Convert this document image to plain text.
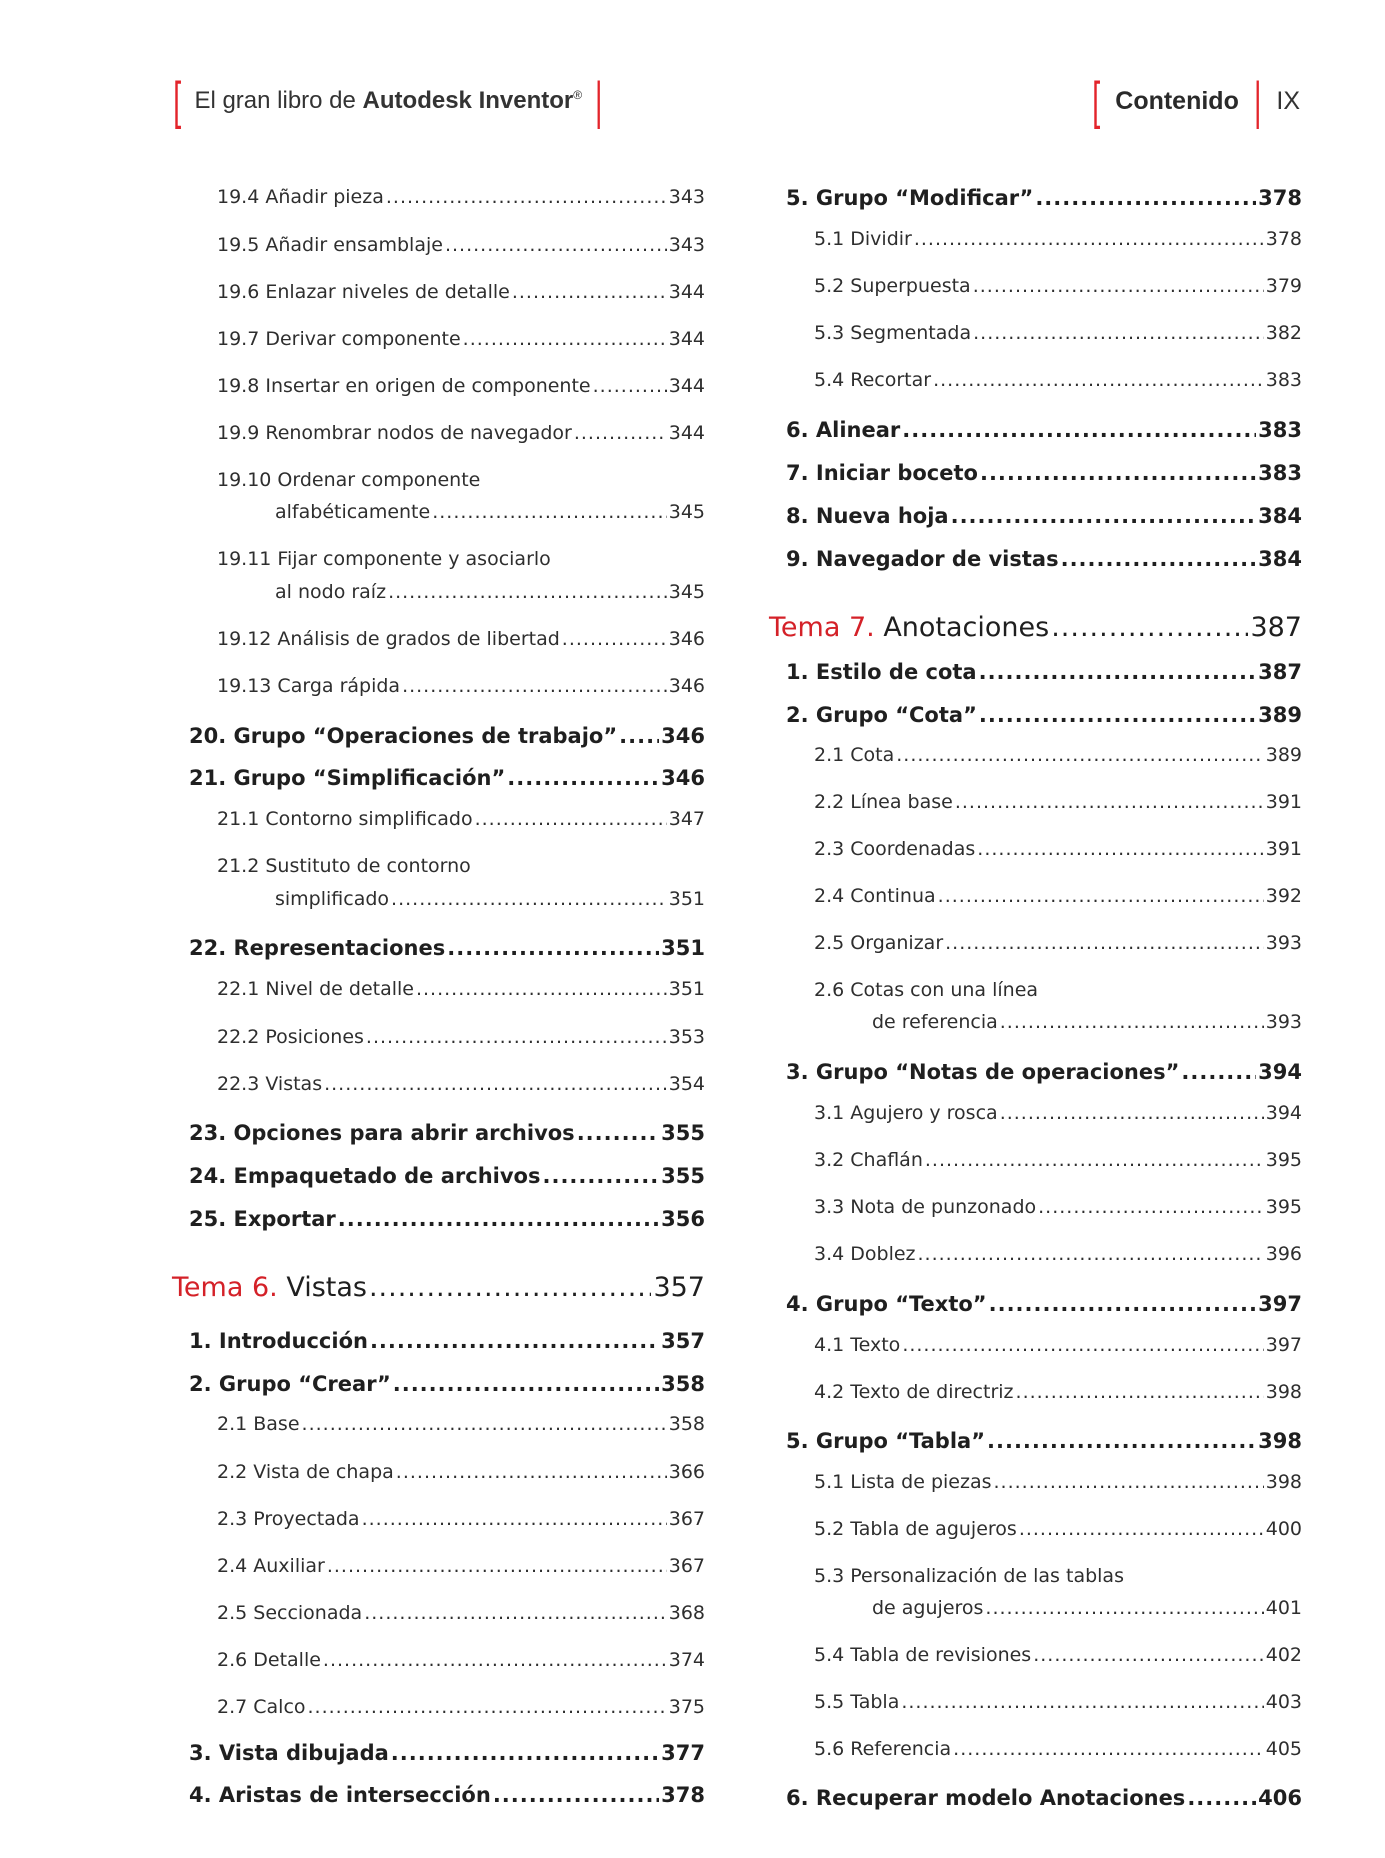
[ El gran libro de Autodesk Inventor® |	[ Contenido | IX
19.4 Añadir pieza .....	343
19.5 Añadir ensamblaje .....	343
19.6 Enlazar niveles de detalle .....	344
19.7 Derivar componente .....	344
19.8 Insertar en origen de componente .....	344
19.9 Renombrar nodos de navegador .....	344
19.10 Ordenar componente
alfabéticamente .....	345
19.11 Fijar componente y asociarlo
al nodo raíz .....	345
19.12 Análisis de grados de libertad .....	346
19.13 Carga rápida .....	346
20. Grupo “Operaciones de trabajo” ..... 346
21. Grupo “Simplificación” .....	346
21.1 Contorno simplificado .....	347
21.2 Sustituto de contorno
simplificado .....	351
22. Representaciones .....	351
22.1 Nivel de detalle .....	351
22.2 Posiciones .....	353
22.3 Vistas .....	354
23. Opciones para abrir archivos .....	355
24. Empaquetado de archivos .....	355
25. Exportar .....	356
Tema 6. Vistas .....	357
1. Introducción .....	357
2. Grupo “Crear” .....	358
2.1 Base .....	358
2.2 Vista de chapa .....	366
2.3 Proyectada .....	367
2.4 Auxiliar .....	367
2.5 Seccionada .....	368
2.6 Detalle .....	374
2.7 Calco .....	375
3. Vista dibujada .....	377
4. Aristas de intersección .....	378
5. Grupo “Modificar” .....	378
5.1 Dividir .....	378
5.2 Superpuesta .....	379
5.3 Segmentada .....	382
5.4 Recortar .....	383
6. Alinear .....	383
7. Iniciar boceto .....	383
8. Nueva hoja .....	384
9. Navegador de vistas .....	384
Tema 7. Anotaciones .....	387
1. Estilo de cota .....	387
2. Grupo “Cota” .....	389
2.1 Cota .....	389
2.2 Línea base .....	391
2.3 Coordenadas .....	391
2.4 Continua .....	392
2.5 Organizar .....	393
2.6 Cotas con una línea
de referencia .....	393
3. Grupo “Notas de operaciones” .....	394
3.1 Agujero y rosca .....	394
3.2 Chaflán .....	395
3.3 Nota de punzonado .....	395
3.4 Doblez .....	396
4. Grupo “Texto” .....	397
4.1 Texto .....	397
4.2 Texto de directriz .....	398
5. Grupo “Tabla” .....	398
5.1 Lista de piezas .....	398
5.2 Tabla de agujeros .....	400
5.3 Personalización de las tablas
de agujeros .....	401
5.4 Tabla de revisiones .....	402
5.5 Tabla .....	403
5.6 Referencia .....	405
6. Recuperar modelo Anotaciones .....	406
